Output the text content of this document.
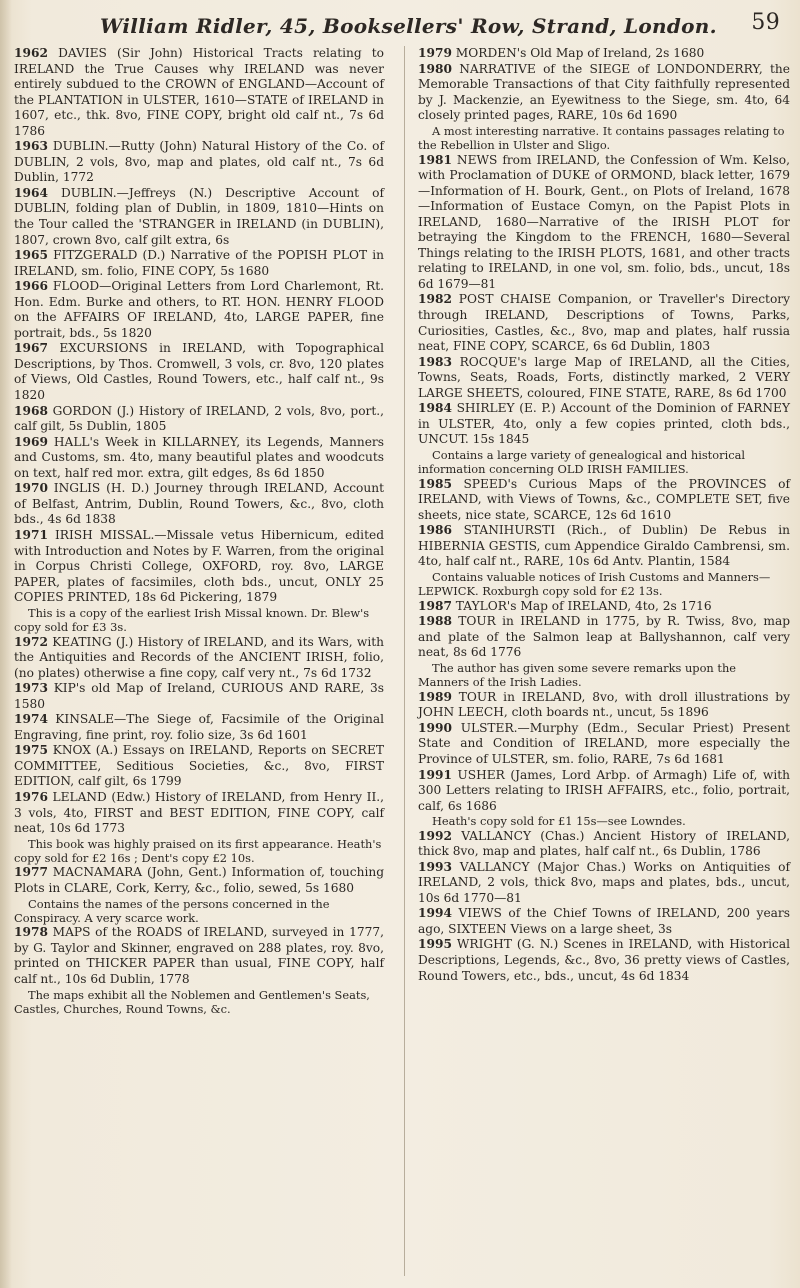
William Ridler, 45, Booksellers' Row, Strand, London. 59

1962 DAVIES (Sir John) Historical Tracts relating to IRELAND the True Causes why IRELAND was never entirely subdued to the CROWN of ENGLAND—Account of the PLANTATION in ULSTER, 1610—STATE of IRELAND in 1607, etc., thk. 8vo, FINE COPY, bright old calf nt., 7s 6d 1786

1963 DUBLIN.—Rutty (John) Natural History of the Co. of DUBLIN, 2 vols, 8vo, map and plates, old calf nt., 7s 6d Dublin, 1772

1964 DUBLIN.—Jeffreys (N.) Descriptive Account of DUBLIN, folding plan of Dublin, in 1809, 1810—Hints on the Tour called the 'STRANGER in IRELAND (in DUBLIN), 1807, crown 8vo, calf gilt extra, 6s

1965 FITZGERALD (D.) Narrative of the POPISH PLOT in IRELAND, sm. folio, FINE COPY, 5s 1680

1966 FLOOD—Original Letters from Lord Charlemont, Rt. Hon. Edm. Burke and others, to RT. HON. HENRY FLOOD on the AFFAIRS OF IRELAND, 4to, LARGE PAPER, fine portrait, bds., 5s 1820

1967 EXCURSIONS in IRELAND, with Topographical Descriptions, by Thos. Cromwell, 3 vols, cr. 8vo, 120 plates of Views, Old Castles, Round Towers, etc., half calf nt., 9s 1820

1968 GORDON (J.) History of IRELAND, 2 vols, 8vo, port., calf gilt, 5s Dublin, 1805

1969 HALL's Week in KILLARNEY, its Legends, Manners and Customs, sm. 4to, many beautiful plates and woodcuts on text, half red mor. extra, gilt edges, 8s 6d 1850

1970 INGLIS (H. D.) Journey through IRELAND, Account of Belfast, Antrim, Dublin, Round Towers, &c., 8vo, cloth bds., 4s 6d 1838

1971 IRISH MISSAL.—Missale vetus Hibernicum, edited with Introduction and Notes by F. Warren, from the original in Corpus Christi College, OXFORD, roy. 8vo, LARGE PAPER, plates of facsimiles, cloth bds., uncut, ONLY 25 COPIES PRINTED, 18s 6d Pickering, 1879

This is a copy of the earliest Irish Missal known. Dr. Blew's copy sold for £3 3s.

1972 KEATING (J.) History of IRELAND, and its Wars, with the Antiquities and Records of the ANCIENT IRISH, folio, (no plates) otherwise a fine copy, calf very nt., 7s 6d 1732

1973 KIP's old Map of Ireland, CURIOUS AND RARE, 3s 1580

1974 KINSALE—The Siege of, Facsimile of the Original Engraving, fine print, roy. folio size, 3s 6d 1601

1975 KNOX (A.) Essays on IRELAND, Reports on SECRET COMMITTEE, Seditious Societies, &c., 8vo, FIRST EDITION, calf gilt, 6s 1799

1976 LELAND (Edw.) History of IRELAND, from Henry II., 3 vols, 4to, FIRST and BEST EDITION, FINE COPY, calf neat, 10s 6d 1773

This book was highly praised on its first appearance. Heath's copy sold for £2 16s ; Dent's copy £2 10s.

1977 MACNAMARA (John, Gent.) Information of, touching Plots in CLARE, Cork, Kerry, &c., folio, sewed, 5s 1680

Contains the names of the persons concerned in the Conspiracy. A very scarce work.

1978 MAPS of the ROADS of IRELAND, surveyed in 1777, by G. Taylor and Skinner, engraved on 288 plates, roy. 8vo, printed on THICKER PAPER than usual, FINE COPY, half calf nt., 10s 6d Dublin, 1778

The maps exhibit all the Noblemen and Gentlemen's Seats, Castles, Churches, Round Towns, &c.

1979 MORDEN's Old Map of Ireland, 2s 1680

1980 NARRATIVE of the SIEGE of LONDONDERRY, the Memorable Transactions of that City faithfully represented by J. Mackenzie, an Eyewitness to the Siege, sm. 4to, 64 closely printed pages, RARE, 10s 6d 1690

A most interesting narrative. It contains passages relating to the Rebellion in Ulster and Sligo.

1981 NEWS from IRELAND, the Confession of Wm. Kelso, with Proclamation of DUKE of ORMOND, black letter, 1679—Information of H. Bourk, Gent., on Plots of Ireland, 1678—Information of Eustace Comyn, on the Papist Plots in IRELAND, 1680—Narrative of the IRISH PLOT for betraying the Kingdom to the FRENCH, 1680—Several Things relating to the IRISH PLOTS, 1681, and other tracts relating to IRELAND, in one vol, sm. folio, bds., uncut, 18s 6d 1679—81

1982 POST CHAISE Companion, or Traveller's Directory through IRELAND, Descriptions of Towns, Parks, Curiosities, Castles, &c., 8vo, map and plates, half russia neat, FINE COPY, SCARCE, 6s 6d Dublin, 1803

1983 ROCQUE's large Map of IRELAND, all the Cities, Towns, Seats, Roads, Forts, distinctly marked, 2 VERY LARGE SHEETS, coloured, FINE STATE, RARE, 8s 6d 1700

1984 SHIRLEY (E. P.) Account of the Dominion of FARNEY in ULSTER, 4to, only a few copies printed, cloth bds., UNCUT. 15s 1845

Contains a large variety of genealogical and historical information concerning OLD IRISH FAMILIES.

1985 SPEED's Curious Maps of the PROVINCES of IRELAND, with Views of Towns, &c., COMPLETE SET, five sheets, nice state, SCARCE, 12s 6d 1610

1986 STANIHURSTI (Rich., of Dublin) De Rebus in HIBERNIA GESTIS, cum Appendice Giraldo Cambrensi, sm. 4to, half calf nt., RARE, 10s 6d Antv. Plantin, 1584

Contains valuable notices of Irish Customs and Manners—LEPWICK. Roxburgh copy sold for £2 13s.

1987 TAYLOR's Map of IRELAND, 4to, 2s 1716

1988 TOUR in IRELAND in 1775, by R. Twiss, 8vo, map and plate of the Salmon leap at Ballyshannon, calf very neat, 8s 6d 1776

The author has given some severe remarks upon the Manners of the Irish Ladies.

1989 TOUR in IRELAND, 8vo, with droll illustrations by JOHN LEECH, cloth boards nt., uncut, 5s 1896

1990 ULSTER.—Murphy (Edm., Secular Priest) Present State and Condition of IRELAND, more especially the Province of ULSTER, sm. folio, RARE, 7s 6d 1681

1991 USHER (James, Lord Arbp. of Armagh) Life of, with 300 Letters relating to IRISH AFFAIRS, etc., folio, portrait, calf, 6s 1686

Heath's copy sold for £1 15s—see Lowndes.

1992 VALLANCY (Chas.) Ancient History of IRELAND, thick 8vo, map and plates, half calf nt., 6s Dublin, 1786

1993 VALLANCY (Major Chas.) Works on Antiquities of IRELAND, 2 vols, thick 8vo, maps and plates, bds., uncut, 10s 6d 1770—81

1994 VIEWS of the Chief Towns of IRELAND, 200 years ago, SIXTEEN Views on a large sheet, 3s

1995 WRIGHT (G. N.) Scenes in IRELAND, with Historical Descriptions, Legends, &c., 8vo, 36 pretty views of Castles, Round Towers, etc., bds., uncut, 4s 6d 1834
